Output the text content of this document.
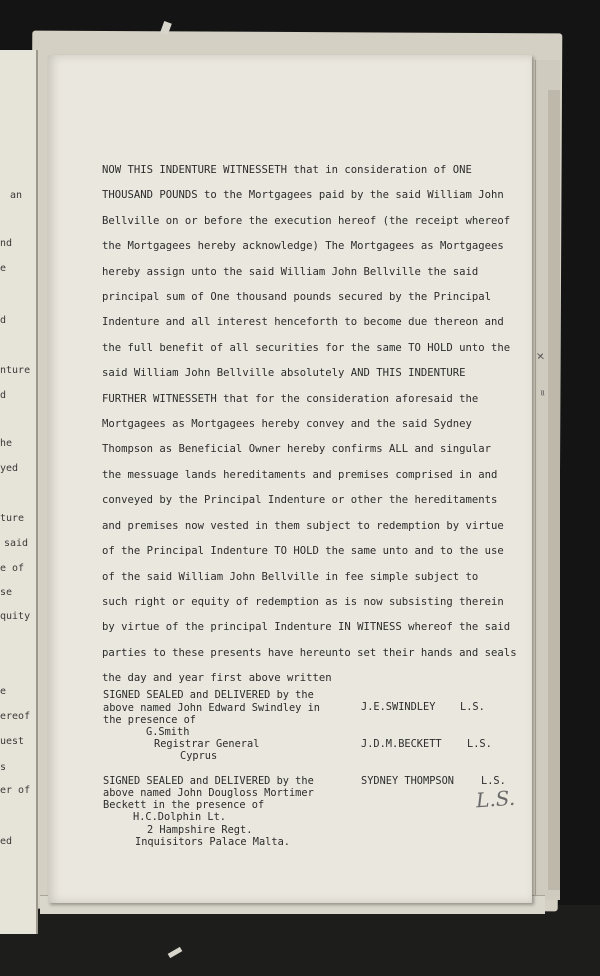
an
nd
e
d
nture
d
he
yed
ture
said
e of
se
quity
e
ereof
uest
s
er of
ed
NOW THIS INDENTURE WITNESSETH that in consideration of ONE
THOUSAND POUNDS to the Mortgagees paid by the said William John
Bellville on or before the execution hereof (the receipt whereof
the Mortgagees hereby acknowledge) The Mortgagees as Mortgagees
hereby assign unto the said William John Bellville the said
principal sum of One thousand pounds secured by the Principal
Indenture and all interest henceforth to become due thereon and
the full benefit of all securities for the same TO HOLD unto the
said William John Bellville absolutely AND THIS INDENTURE
FURTHER WITNESSETH that for the consideration aforesaid the
Mortgagees as Mortgagees hereby convey and the said Sydney
Thompson as Beneficial Owner hereby confirms ALL and singular
the messuage lands hereditaments and premises comprised in and
conveyed by the Principal Indenture or other the hereditaments
and premises now vested in them subject to redemption by virtue
of the Principal Indenture TO HOLD the same unto and to the use
of the said William John Bellville in fee simple subject to
such right or equity of redemption as is now subsisting therein
by virtue of the principal Indenture IN WITNESS whereof the said
parties to these presents have hereunto set their hands and seals
the day and year first above written
SIGNED SEALED and DELIVERED by the
above named John Edward Swindley in
the presence of
G.Smith
Registrar General
Cyprus
SIGNED SEALED and DELIVERED by the
above named John Dougloss Mortimer
Beckett in the presence of
H.C.Dolphin Lt.
2 Hampshire Regt.
Inquisitors Palace Malta.
J.E.SWINDLEY L.S.
J.D.M.BECKETT L.S.
SYDNEY THOMPSON	L.S.
L.S.
✕
≈
